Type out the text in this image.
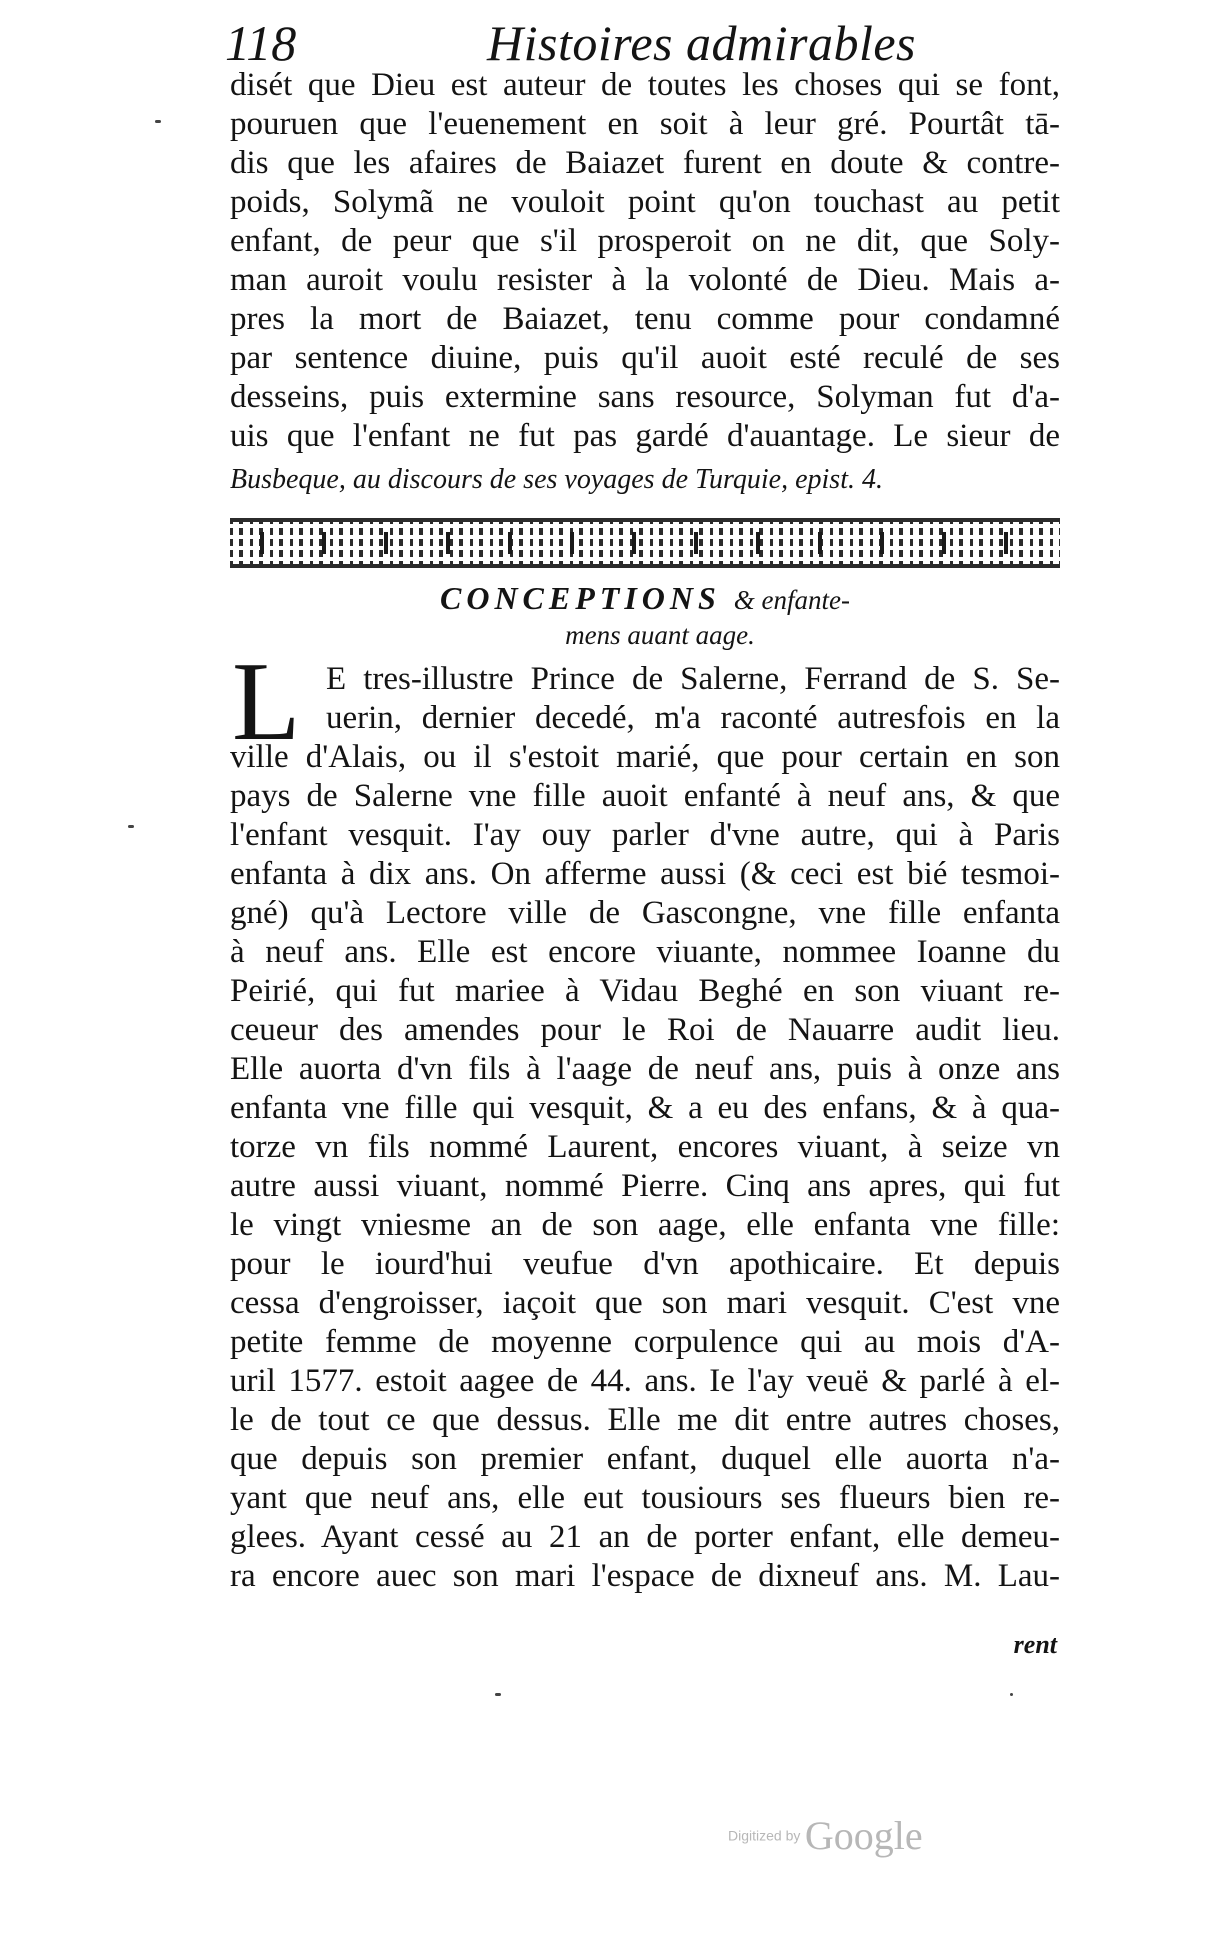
118	Histoires admirables
disét que Dieu est auteur de toutes les choses qui se font,
pouruen que l'euenement en soit à leur gré. Pourtât tā-
dis que les afaires de Baiazet furent en doute & contre-
poids, Solymã ne vouloit point qu'on touchast au petit
enfant, de peur que s'il prosperoit on ne dit, que Soly-
man auroit voulu resister à la volonté de Dieu. Mais a-
pres la mort de Baiazet, tenu comme pour condamné
par sentence diuine, puis qu'il auoit esté reculé de ses
desseins, puis extermine sans resource, Solyman fut d'a-
uis que l'enfant ne fut pas gardé d'auantage. Le sieur de
Busbeque, au discours de ses voyages de Turquie, epist. 4.
CONCEPTIONS & enfante-
mens auant aage.
L E tres-illustre Prince de Salerne, Ferrand de S. Se-
uerin, dernier decedé, m'a raconté autresfois en la
ville d'Alais, ou il s'estoit marié, que pour certain en son
pays de Salerne vne fille auoit enfanté à neuf ans, & que
l'enfant vesquit. I'ay ouy parler d'vne autre, qui à Paris
enfanta à dix ans. On afferme aussi (& ceci est bié tesmoi-
gné) qu'à Lectore ville de Gascongne, vne fille enfanta
à neuf ans. Elle est encore viuante, nommee Ioanne du
Peirié, qui fut mariee à Vidau Beghé en son viuant re-
ceueur des amendes pour le Roi de Nauarre audit lieu.
Elle auorta d'vn fils à l'aage de neuf ans, puis à onze ans
enfanta vne fille qui vesquit, & a eu des enfans, & à qua-
torze vn fils nommé Laurent, encores viuant, à seize vn
autre aussi viuant, nommé Pierre. Cinq ans apres, qui fut
le vingt vniesme an de son aage, elle enfanta vne fille:
pour le iourd'hui veufue d'vn apothicaire. Et depuis
cessa d'engroisser, iaçoit que son mari vesquit. C'est vne
petite femme de moyenne corpulence qui au mois d'A-
uril 1577. estoit aagee de 44. ans. Ie l'ay veuë & parlé à el-
le de tout ce que dessus. Elle me dit entre autres choses,
que depuis son premier enfant, duquel elle auorta n'a-
yant que neuf ans, elle eut tousiours ses flueurs bien re-
glees. Ayant cessé au 21 an de porter enfant, elle demeu-
ra encore auec son mari l'espace de dixneuf ans. M. Lau-
rent
Digitized by Google
